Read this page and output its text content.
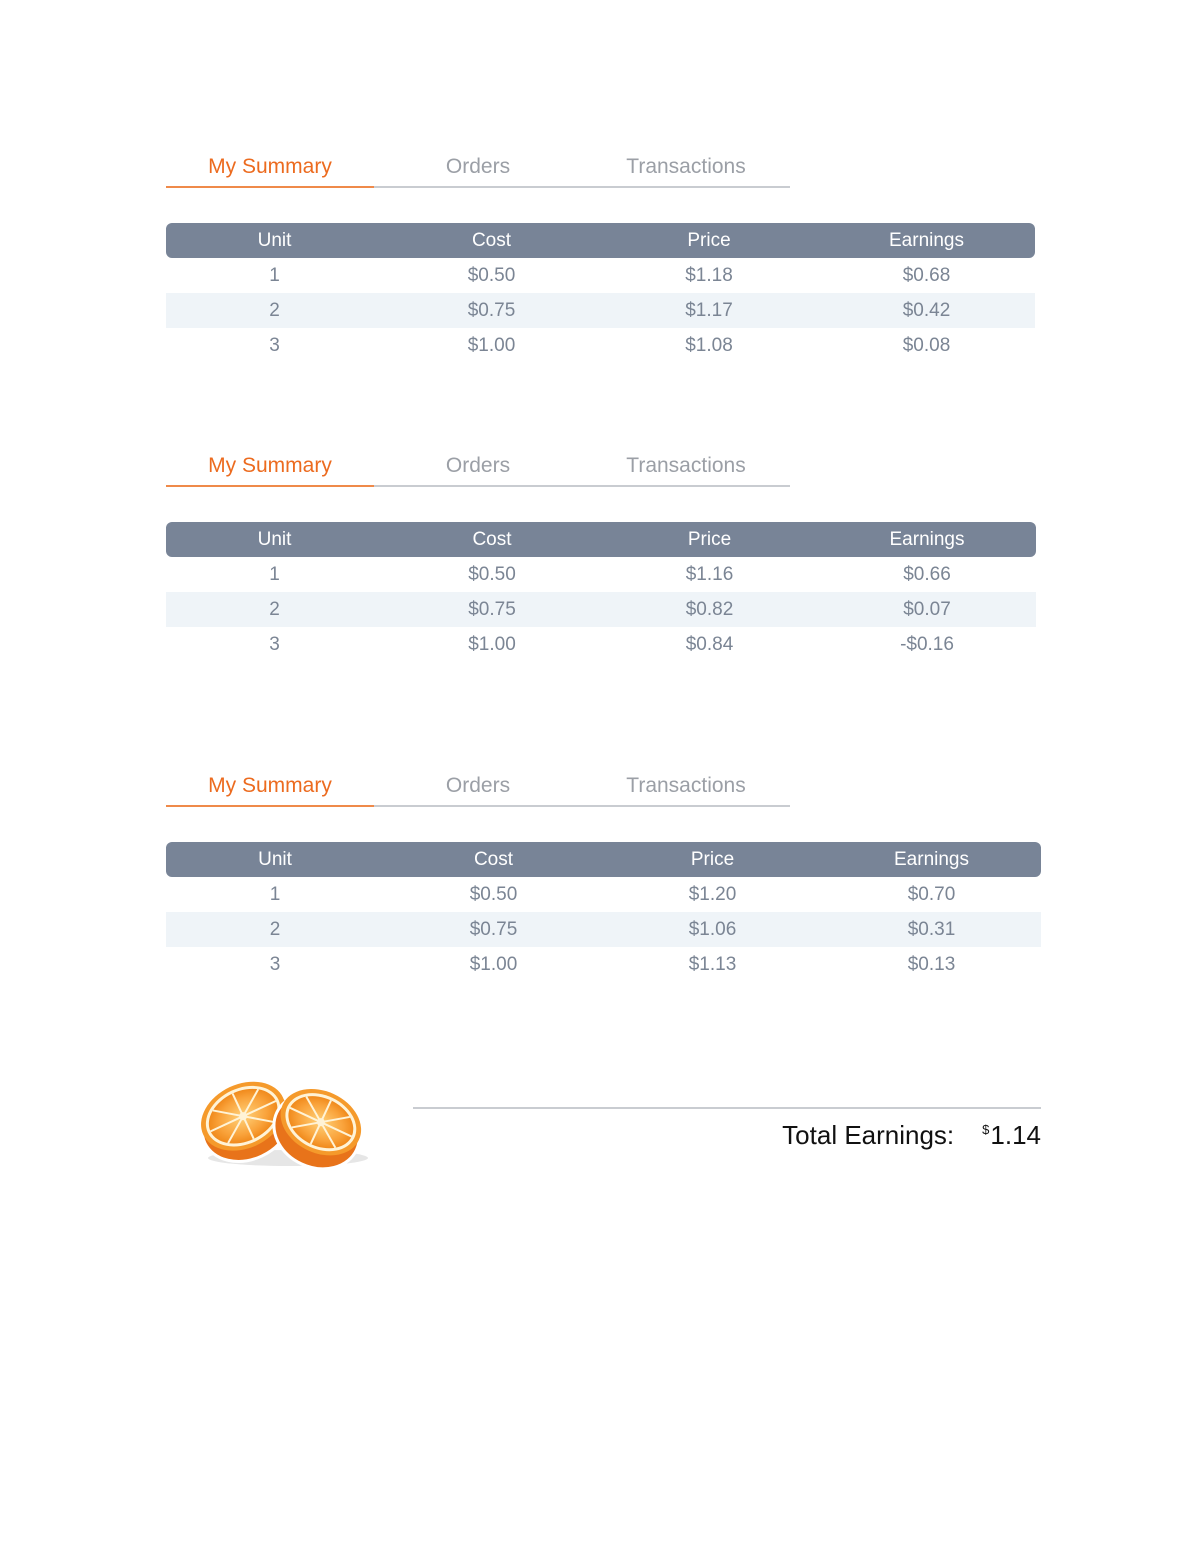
My Summary	Orders	Transactions
Unit	Cost	Price	Earnings
1	$0.50	$1.18	$0.68
2	$0.75	$1.17	$0.42
3	$1.00	$1.08	$0.08
My Summary	Orders	Transactions
Unit	Cost	Price	Earnings
1	$0.50	$1.16	$0.66
2	$0.75	$0.82	$0.07
3	$1.00	$0.84	-$0.16
My Summary	Orders	Transactions
Unit	Cost	Price	Earnings
1	$0.50	$1.20	$0.70
2	$0.75	$1.06	$0.31
3	$1.00	$1.13	$0.13
Total Earnings: $1.14
